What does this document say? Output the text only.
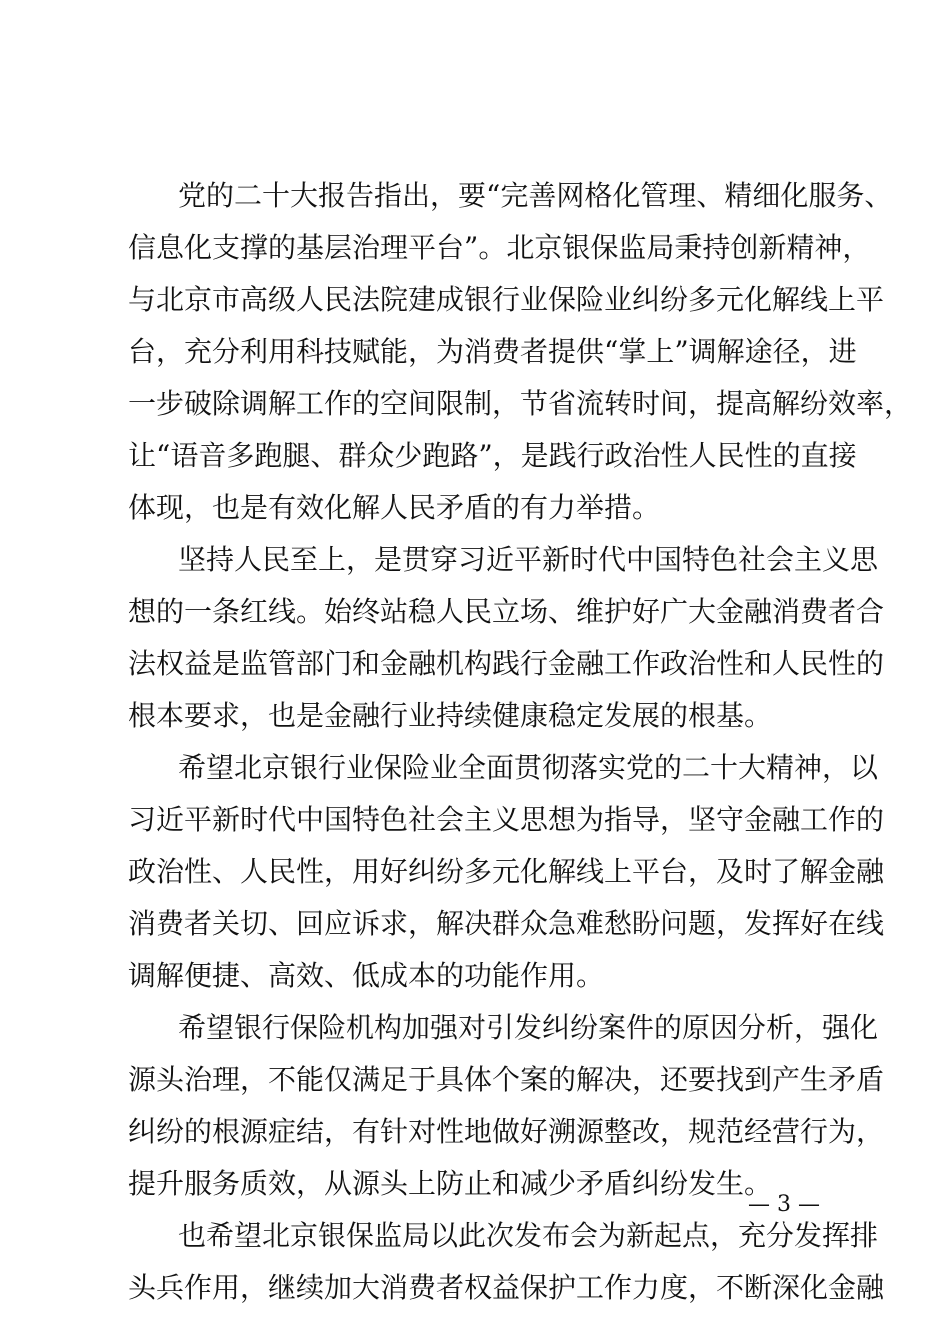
党的二十大报告指出，要“完善网格化管理、精细化服务、
信息化支撑的基层治理平台”。北京银保监局秉持创新精神，
与北京市高级人民法院建成银行业保险业纠纷多元化解线上平
台，充分利用科技赋能，为消费者提供“掌上”调解途径，进
一步破除调解工作的空间限制，节省流转时间，提高解纷效率，
让“语音多跑腿、群众少跑路”，是践行政治性人民性的直接
体现，也是有效化解人民矛盾的有力举措。
坚持人民至上，是贯穿习近平新时代中国特色社会主义思
想的一条红线。始终站稳人民立场、维护好广大金融消费者合
法权益是监管部门和金融机构践行金融工作政治性和人民性的
根本要求，也是金融行业持续健康稳定发展的根基。
希望北京银行业保险业全面贯彻落实党的二十大精神，以
习近平新时代中国特色社会主义思想为指导，坚守金融工作的
政治性、人民性，用好纠纷多元化解线上平台，及时了解金融
消费者关切、回应诉求，解决群众急难愁盼问题，发挥好在线
调解便捷、高效、低成本的功能作用。
希望银行保险机构加强对引发纠纷案件的原因分析，强化
源头治理，不能仅满足于具体个案的解决，还要找到产生矛盾
纠纷的根源症结，有针对性地做好溯源整改，规范经营行为，
提升服务质效，从源头上防止和减少矛盾纠纷发生。
也希望北京银保监局以此次发布会为新起点，充分发挥排
头兵作用，继续加大消费者权益保护工作力度，不断深化金融
— 3 —
